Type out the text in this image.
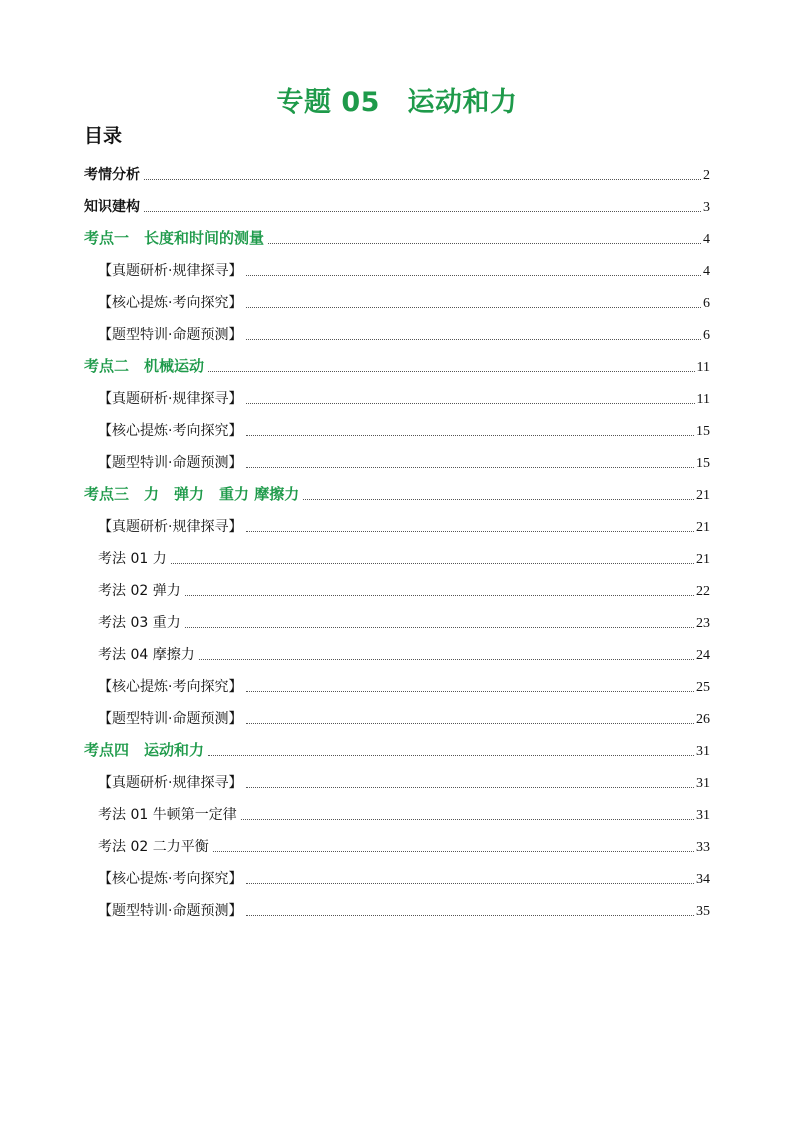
专题 05　运动和力
目录
考情分析	2
知识建构	3
考点一　长度和时间的测量	4
【真题研析·规律探寻】	4
【核心提炼·考向探究】	6
【题型特训·命题预测】	6
考点二　机械运动	11
【真题研析·规律探寻】	11
【核心提炼·考向探究】	15
【题型特训·命题预测】	15
考点三　力　弹力　重力 摩擦力	21
【真题研析·规律探寻】	21
考法 01 力	21
考法 02 弹力	22
考法 03 重力	23
考法 04 摩擦力	24
【核心提炼·考向探究】	25
【题型特训·命题预测】	26
考点四　运动和力	31
【真题研析·规律探寻】	31
考法 01 牛顿第一定律	31
考法 02 二力平衡	33
【核心提炼·考向探究】	34
【题型特训·命题预测】	35
